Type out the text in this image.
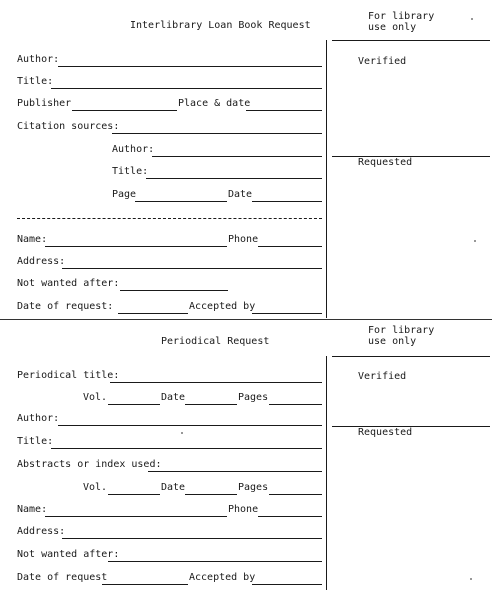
Interlibrary Loan Book Request
For library
use only
Verified
Requested
Author:
Title:
Publisher	Place & date
Citation sources:
Author:
Title:
Page	Date
Name:	Phone
Address:
Not wanted after:
Date of request:	Accepted by
Periodical Request
For library
use only
Verified
Requested
Periodical title:
Vol.	Date	Pages
Author:
Title:
Abstracts or index used:
Vol.	Date	Pages
Name:	Phone
Address:
Not wanted after:
Date of request	Accepted by
